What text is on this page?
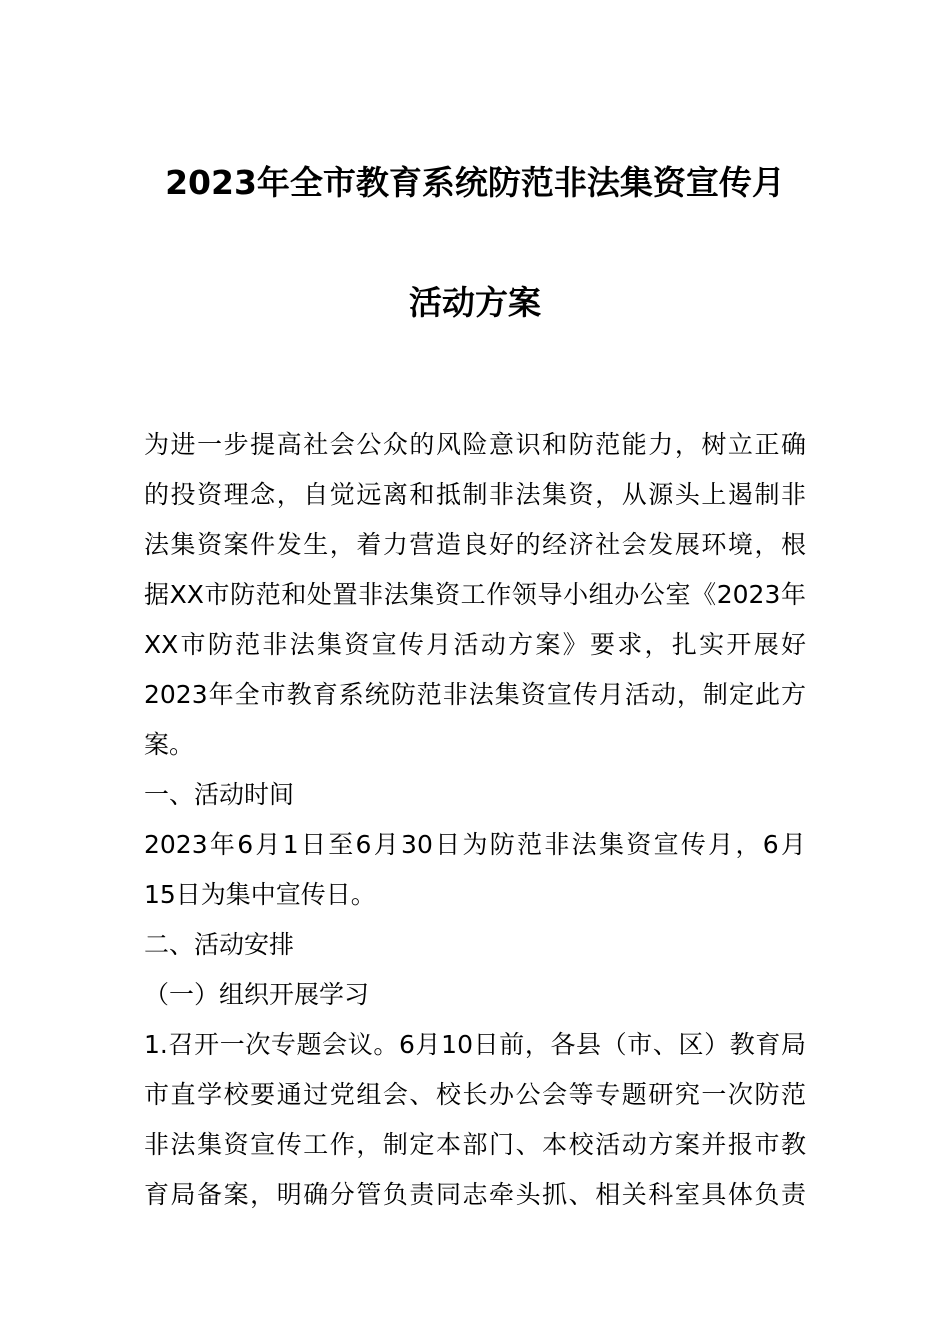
2023年全市教育系统防范非法集资宣传月
活动方案
为进一步提高社会公众的风险意识和防范能力，树立正确
的投资理念，自觉远离和抵制非法集资，从源头上遏制非
法集资案件发生，着力营造良好的经济社会发展环境，根
据XX市防范和处置非法集资工作领导小组办公室《2023年
XX市防范非法集资宣传月活动方案》要求，扎实开展好
2023年全市教育系统防范非法集资宣传月活动，制定此方
案。
一、活动时间
2023年6月1日至6月30日为防范非法集资宣传月，6月
15日为集中宣传日。
二、活动安排
（一）组织开展学习
1.召开一次专题会议。6月10日前，各县（市、区）教育局
市直学校要通过党组会、校长办公会等专题研究一次防范
非法集资宣传工作，制定本部门、本校活动方案并报市教
育局备案，明确分管负责同志牵头抓、相关科室具体负责
